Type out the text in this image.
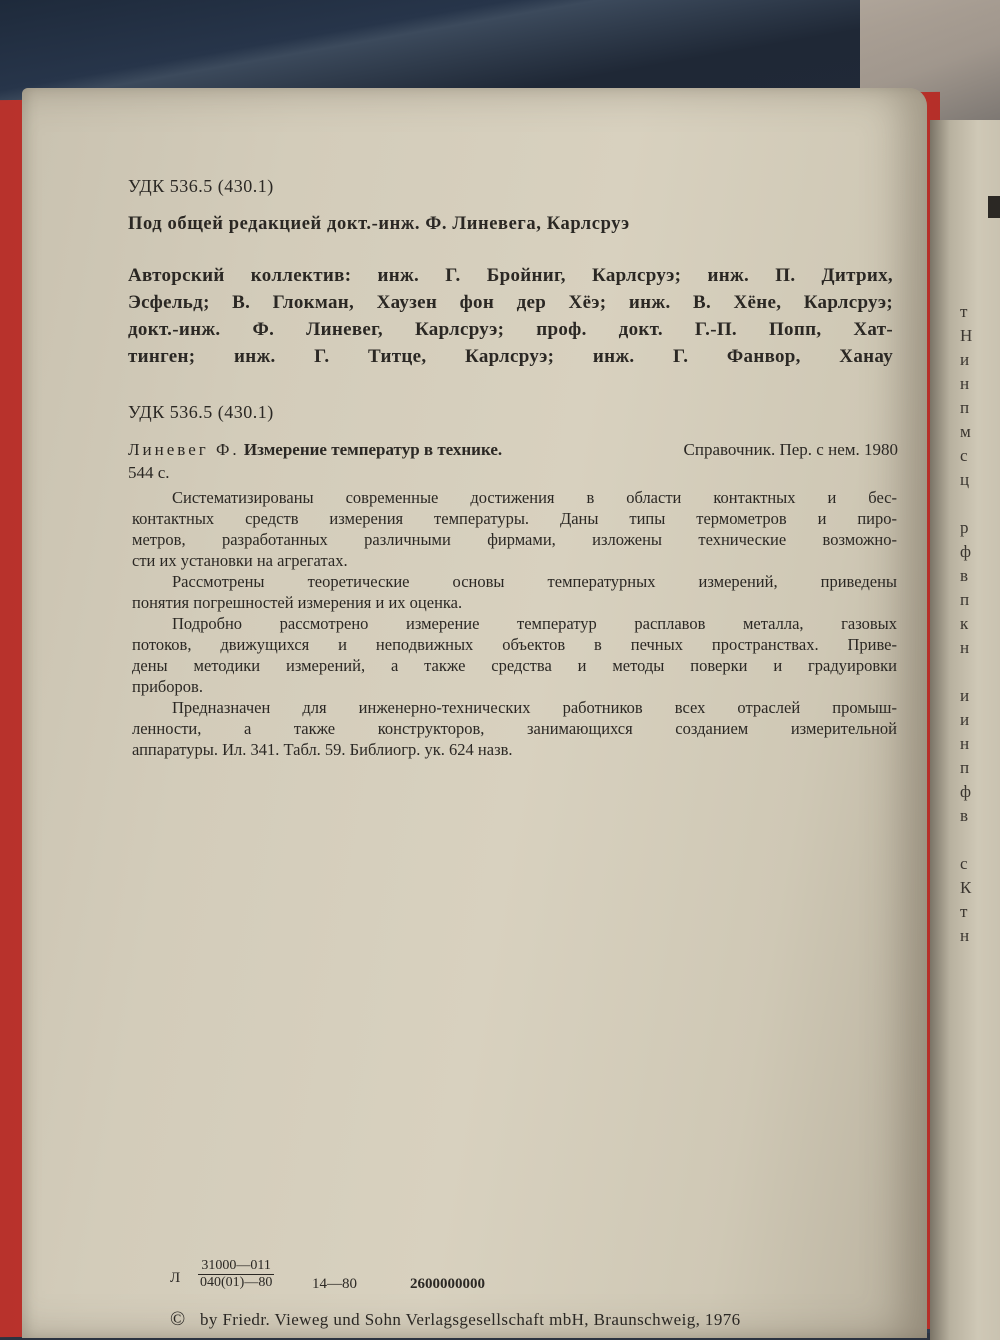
т
Н
и
н
п
м
с
ц

р
ф
в
п
к
н

и
и
н
п
ф
в

с
К
т
н
УДК 536.5 (430.1)
Под общей редакцией докт.-инж. Ф. Линевега, Карлсруэ
Авторский коллектив: инж. Г. Бройниг, Карлсруэ; инж. П. Дитрих,
Эсфельд; В. Глокман, Хаузен фон дер Хёэ; инж. В. Хёне, Карлсруэ;
докт.-инж. Ф. Линевег, Карлсруэ; проф. докт. Г.-П. Попп, Хат-
тинген; инж. Г. Титце, Карлсруэ; инж. Г. Фанвор, Ханау
УДК 536.5 (430.1)
Линевег Ф. Измерение температур в технике.	Справочник. Пер. с нем. 1980
544 с.
Систематизированы современные достижения в области контактных и бес-
контактных средств измерения температуры. Даны типы термометров и пиро-
метров, разработанных различными фирмами, изложены технические возможно-
сти их установки на агрегатах.
Рассмотрены теоретические основы температурных измерений, приведены
понятия погрешностей измерения и их оценка.
Подробно рассмотрено измерение температур расплавов металла, газовых
потоков, движущихся и неподвижных объектов в печных пространствах. Приве-
дены методики измерений, а также средства и методы поверки и градуировки
приборов.
Предназначен для инженерно-технических работников всех отраслей промыш-
ленности, а также конструкторов, занимающихся созданием измерительной
аппаратуры. Ил. 341. Табл. 59. Библиогр. ук. 624 назв.
Л $\frac{31000—011}{040(01)—80}$	14—80	2600000000
© by Friedr. Vieweg und Sohn Verlagsgesellschaft mbH, Braunschweig, 1976
